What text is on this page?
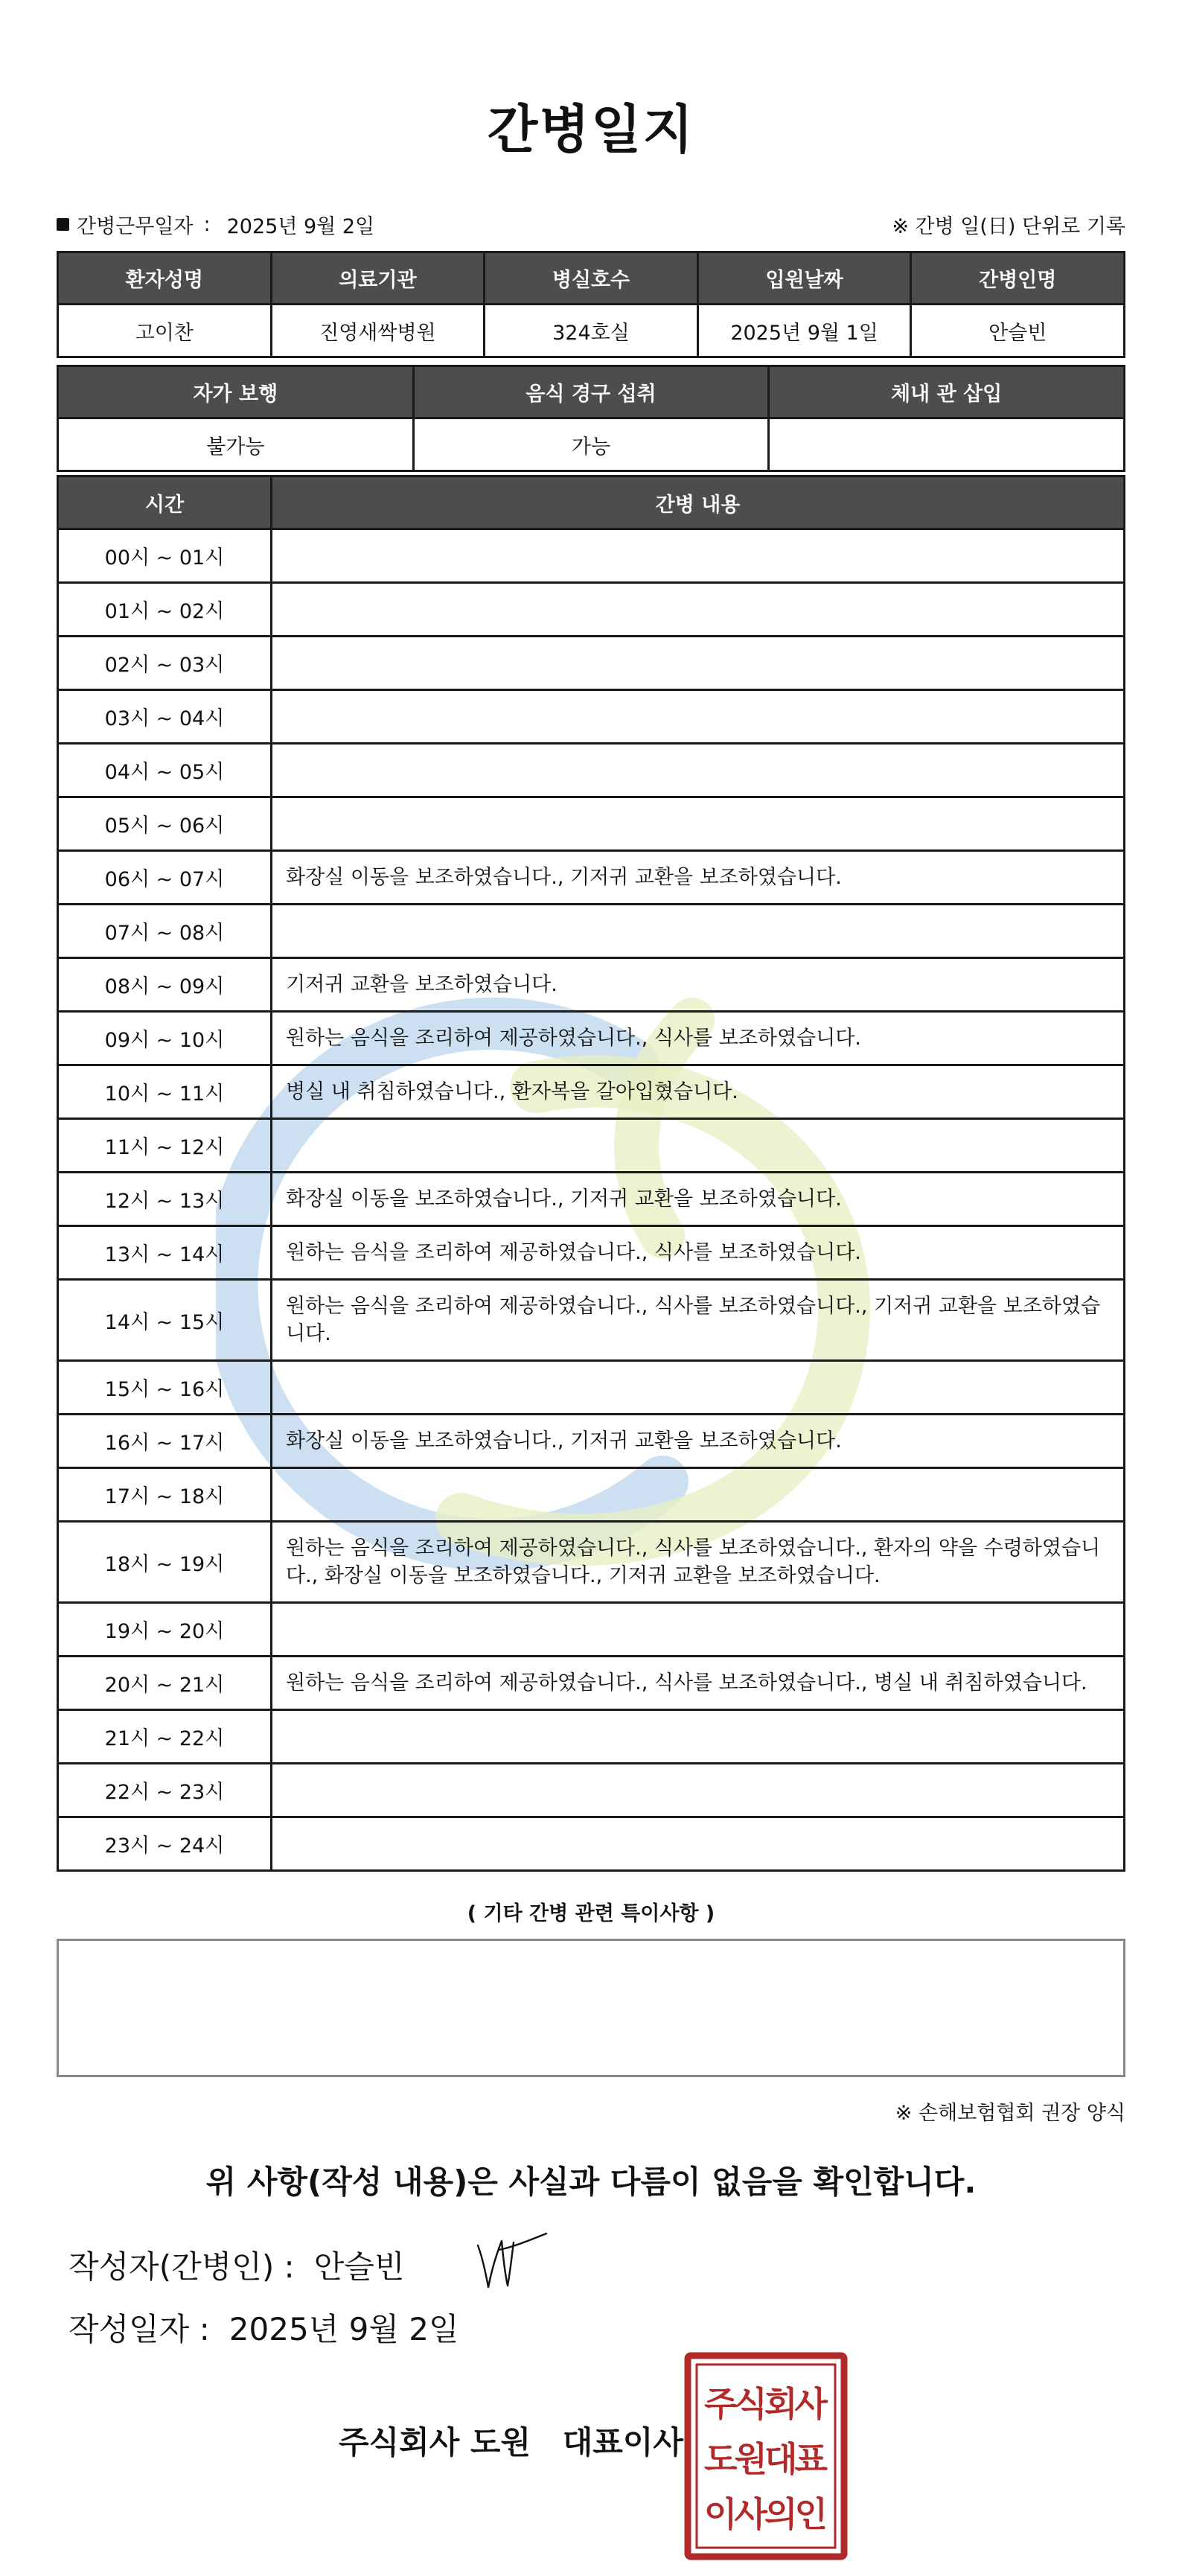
간병일지
간병근무일자 : 2025년 9월 2일	※ 간병 일(日) 단위로 기록
환자성명	의료기관	병실호수	입원날짜	간병인명
고이찬	진영새싹병원	324호실	2025년 9월 1일	안슬빈
자가 보행	음식 경구 섭취	체내 관 삽입
불가능	가능	
시간	간병 내용
00시 ~ 01시	
01시 ~ 02시	
02시 ~ 03시	
03시 ~ 04시	
04시 ~ 05시	
05시 ~ 06시	
06시 ~ 07시	화장실 이동을 보조하였습니다., 기저귀 교환을 보조하였습니다.
07시 ~ 08시	
08시 ~ 09시	기저귀 교환을 보조하였습니다.
09시 ~ 10시	원하는 음식을 조리하여 제공하였습니다., 식사를 보조하였습니다.
10시 ~ 11시	병실 내 취침하였습니다., 환자복을 갈아입혔습니다.
11시 ~ 12시	
12시 ~ 13시	화장실 이동을 보조하였습니다., 기저귀 교환을 보조하였습니다.
13시 ~ 14시	원하는 음식을 조리하여 제공하였습니다., 식사를 보조하였습니다.
14시 ~ 15시	원하는 음식을 조리하여 제공하였습니다., 식사를 보조하였습니다., 기저귀 교환을 보조하였습니다.
15시 ~ 16시	
16시 ~ 17시	화장실 이동을 보조하였습니다., 기저귀 교환을 보조하였습니다.
17시 ~ 18시	
18시 ~ 19시	원하는 음식을 조리하여 제공하였습니다., 식사를 보조하였습니다., 환자의 약을 수령하였습니다., 화장실 이동을 보조하였습니다., 기저귀 교환을 보조하였습니다.
19시 ~ 20시	
20시 ~ 21시	원하는 음식을 조리하여 제공하였습니다., 식사를 보조하였습니다., 병실 내 취침하였습니다.
21시 ~ 22시	
22시 ~ 23시	
23시 ~ 24시	
( 기타 간병 관련 특이사항 )
※ 손해보험협회 권장 양식
위 사항(작성 내용)은 사실과 다름이 없음을 확인합니다.
작성자(간병인) : 안슬빈
작성일자 : 2025년 9월 2일
주식회사 도원 대표이사
주
식
회
사
도
원
대
표
이
사
의
인
